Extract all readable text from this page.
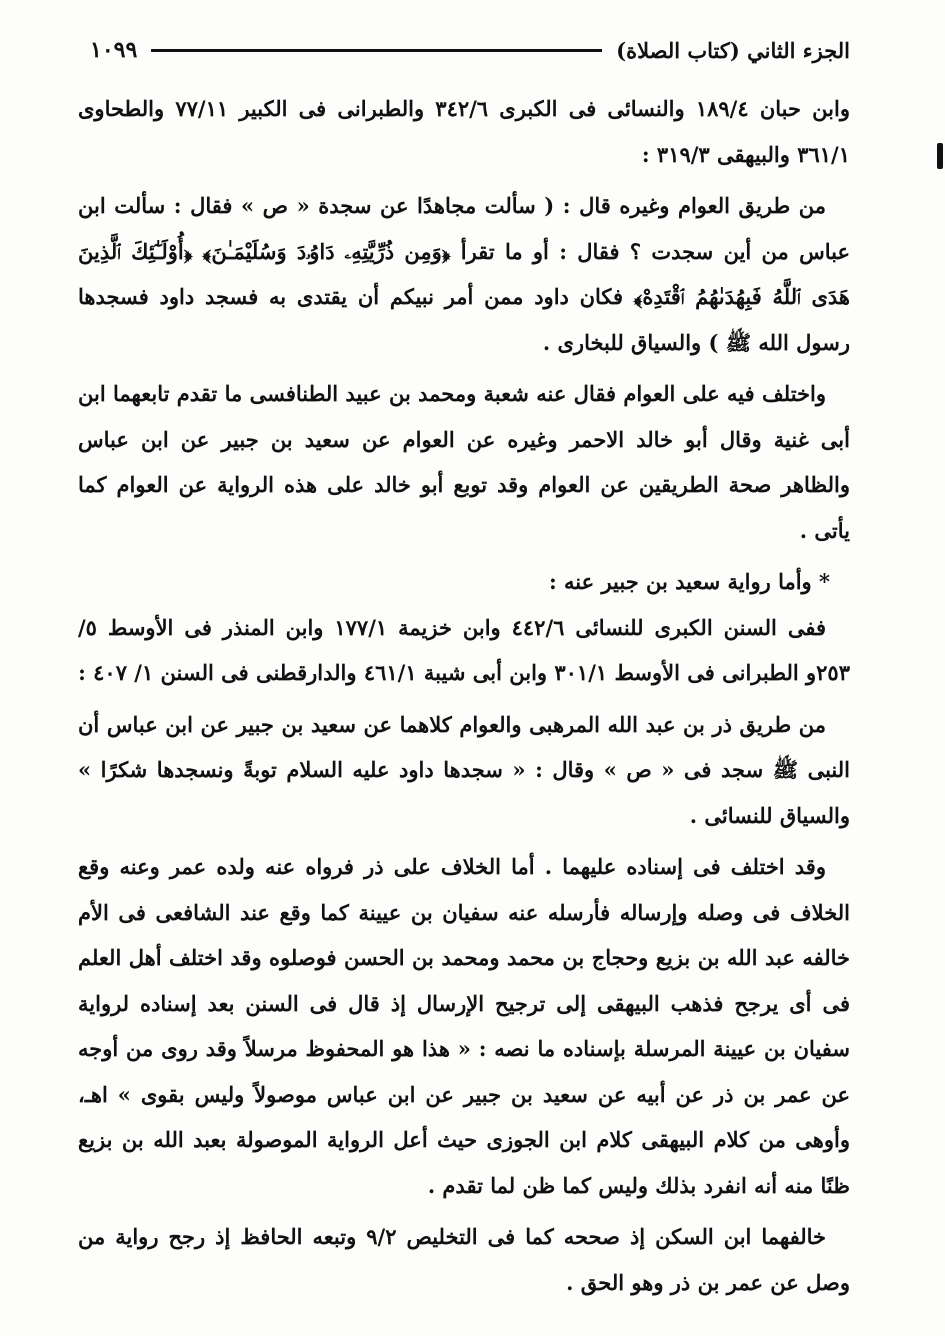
الجزء الثاني (كتاب الصلاة)
١٠٩٩

وابن حبان ١٨٩/٤ والنسائى فى الكبرى ٣٤٢/٦ والطبرانى فى الكبير ٧٧/١١ والطحاوى ٣٦١/١ والبيهقى ٣١٩/٣ :

من طريق العوام وغيره قال : ( سألت مجاهدًا عن سجدة « ص » فقال : سألت ابن عباس من أين سجدت ؟ فقال : أو ما تقرأ ﴿وَمِن ذُرِّيَّتِهِۦ دَاوُۥدَ وَسُلَيْمَـٰنَ﴾ ﴿أُوْلَـٰٓئِكَ ٱلَّذِينَ هَدَى ٱللَّهُ فَبِهُدَىٰهُمُ ٱقْتَدِهْ﴾ فكان داود ممن أمر نبيكم أن يقتدى به فسجد داود فسجدها رسول الله ﷺ ) والسياق للبخارى .

واختلف فيه على العوام فقال عنه شعبة ومحمد بن عبيد الطنافسى ما تقدم تابعهما ابن أبى غنية وقال أبو خالد الاحمر وغيره عن العوام عن سعيد بن جبير عن ابن عباس والظاهر صحة الطريقين عن العوام وقد توبع أبو خالد على هذه الرواية عن العوام كما يأتى .

* وأما رواية سعيد بن جبير عنه :

ففى السنن الكبرى للنسائى ٤٤٢/٦ وابن خزيمة ١٧٧/١ وابن المنذر فى الأوسط ٥/ ٢٥٣و الطبرانى فى الأوسط ٣٠١/١ وابن أبى شيبة ٤٦١/١ والدارقطنى فى السنن ١/ ٤٠٧ :

من طريق ذر بن عبد الله المرهبى والعوام كلاهما عن سعيد بن جبير عن ابن عباس أن النبى ﷺ سجد فى « ص » وقال : « سجدها داود عليه السلام توبةً ونسجدها شكرًا » والسياق للنسائى .

وقد اختلف فى إسناده عليهما . أما الخلاف على ذر فرواه عنه ولده عمر وعنه وقع الخلاف فى وصله وإرساله فأرسله عنه سفيان بن عيينة كما وقع عند الشافعى فى الأم خالفه عبد الله بن بزيع وحجاج بن محمد ومحمد بن الحسن فوصلوه وقد اختلف أهل العلم فى أى يرجح فذهب البيهقى إلى ترجيح الإرسال إذ قال فى السنن بعد إسناده لرواية سفيان بن عيينة المرسلة بإسناده ما نصه : « هذا هو المحفوظ مرسلاً وقد روى من أوجه عن عمر بن ذر عن أبيه عن سعيد بن جبير عن ابن عباس موصولاً وليس بقوى » اهـ، وأوهى من كلام البيهقى كلام ابن الجوزى حيث أعل الرواية الموصولة بعبد الله بن بزيع ظنًا منه أنه انفرد بذلك وليس كما ظن لما تقدم .

خالفهما ابن السكن إذ صححه كما فى التخليص ٩/٢ وتبعه الحافظ إذ رجح رواية من وصل عن عمر بن ذر وهو الحق .
